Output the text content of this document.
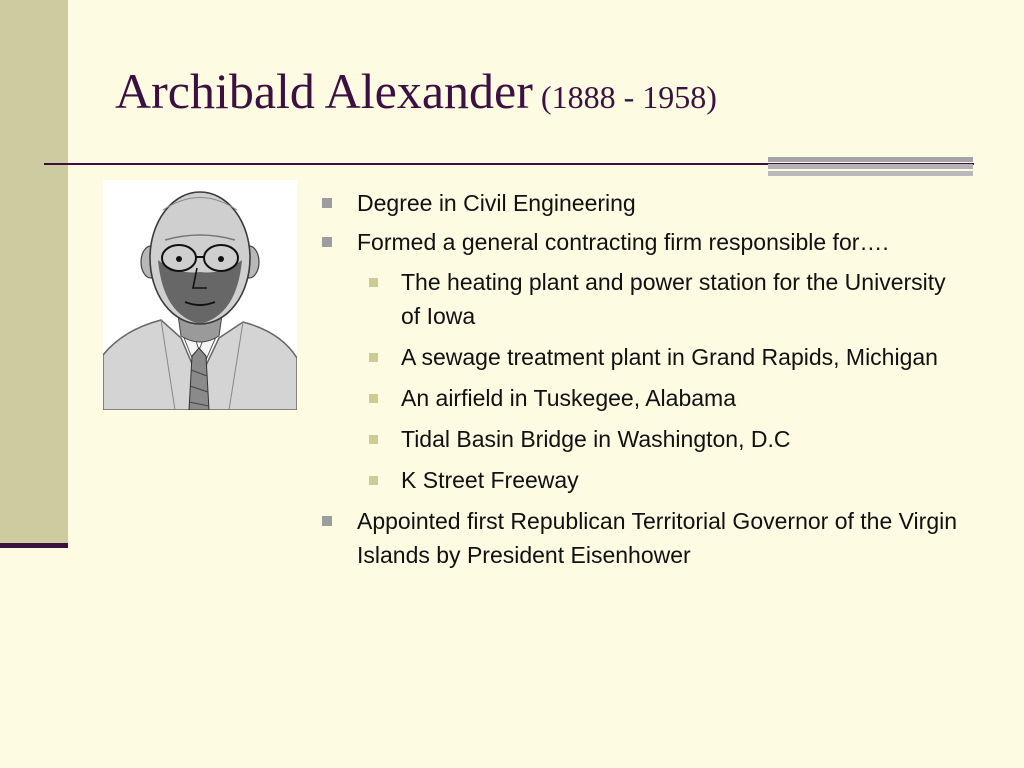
Archibald Alexander (1888 - 1958)
Degree in Civil Engineering
Formed a general contracting firm responsible for….
The heating plant and power station for the University of Iowa
A sewage treatment plant in Grand Rapids, Michigan
An airfield in Tuskegee, Alabama
Tidal Basin Bridge in Washington, D.C
K Street Freeway
Appointed first Republican Territorial Governor of the Virgin Islands by President Eisenhower
